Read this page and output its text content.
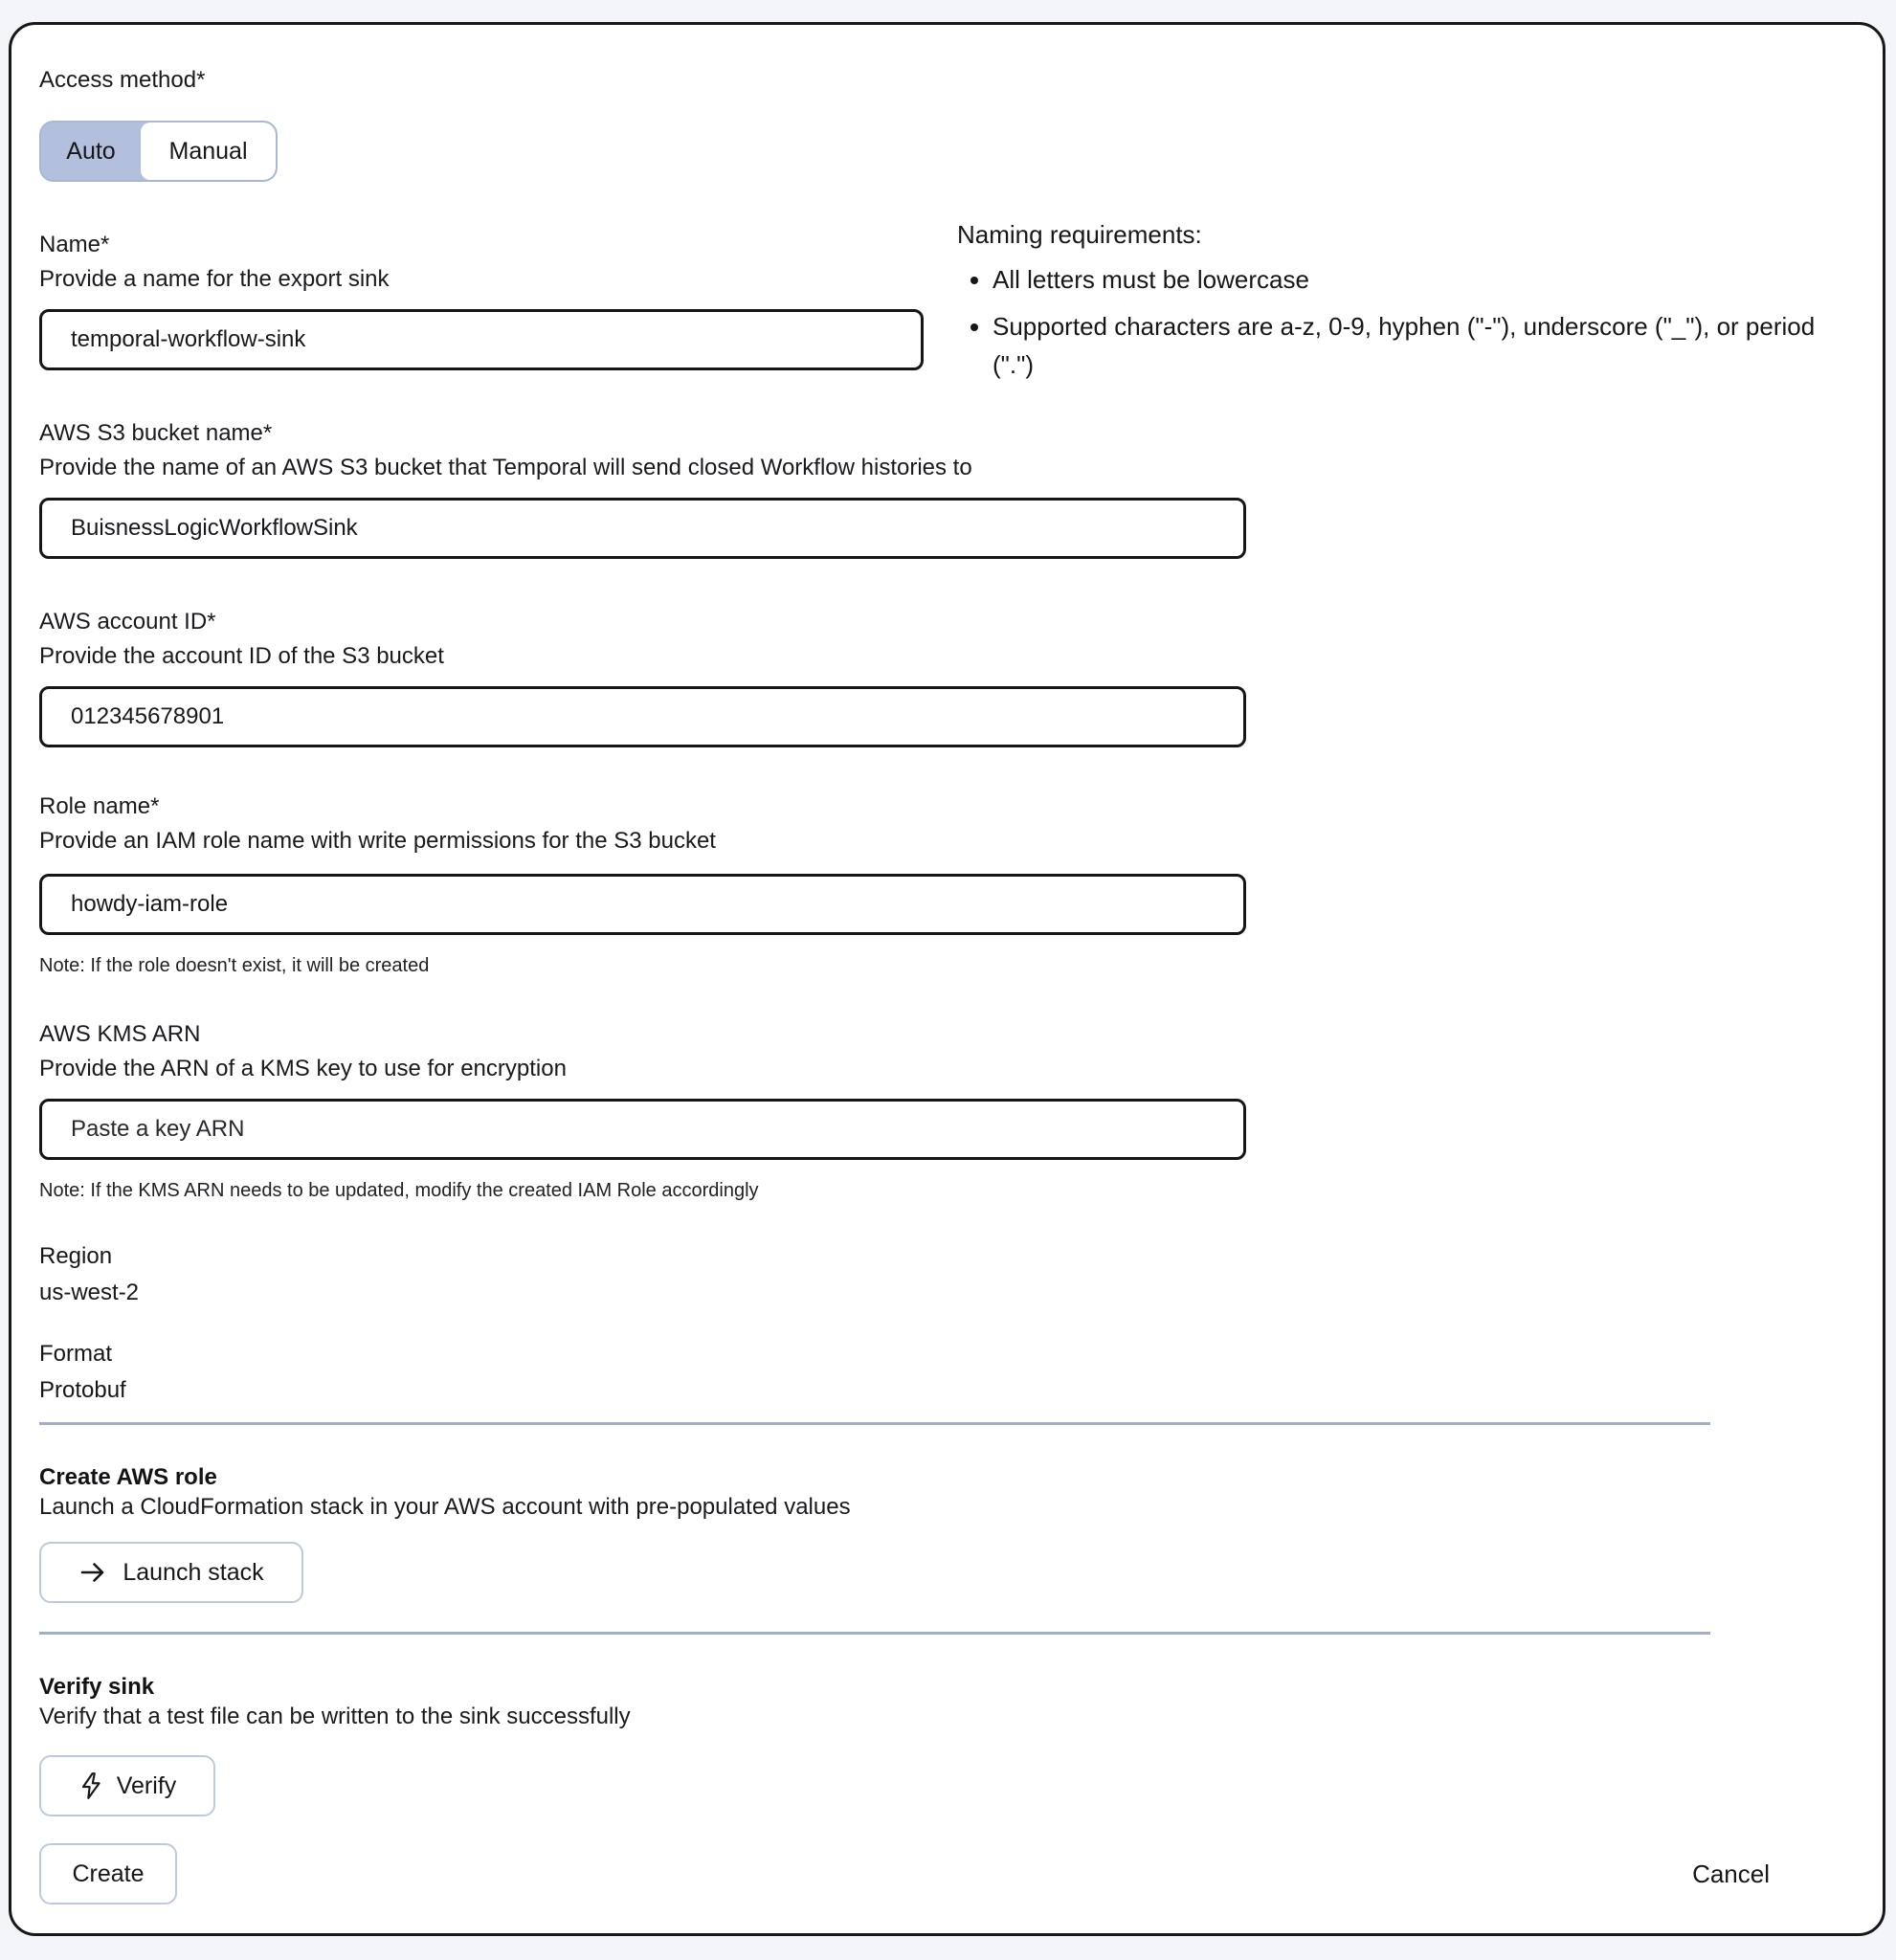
Access method*
Auto Manual
Name*
Provide a name for the export sink
temporal-workflow-sink
Naming requirements:
• All letters must be lowercase
• Supported characters are a-z, 0-9, hyphen ("-"), underscore ("_"), or period (".")
AWS S3 bucket name*
Provide the name of an AWS S3 bucket that Temporal will send closed Workflow histories to
BuisnessLogicWorkflowSink
AWS account ID*
Provide the account ID of the S3 bucket
012345678901
Role name*
Provide an IAM role name with write permissions for the S3 bucket
howdy-iam-role
Note: If the role doesn't exist, it will be created
AWS KMS ARN
Provide the ARN of a KMS key to use for encryption
Paste a key ARN
Note: If the KMS ARN needs to be updated, modify the created IAM Role accordingly
Region
us-west-2
Format
Protobuf
Create AWS role
Launch a CloudFormation stack in your AWS account with pre-populated values
Launch stack
Verify sink
Verify that a test file can be written to the sink successfully
Verify
Create	Cancel
